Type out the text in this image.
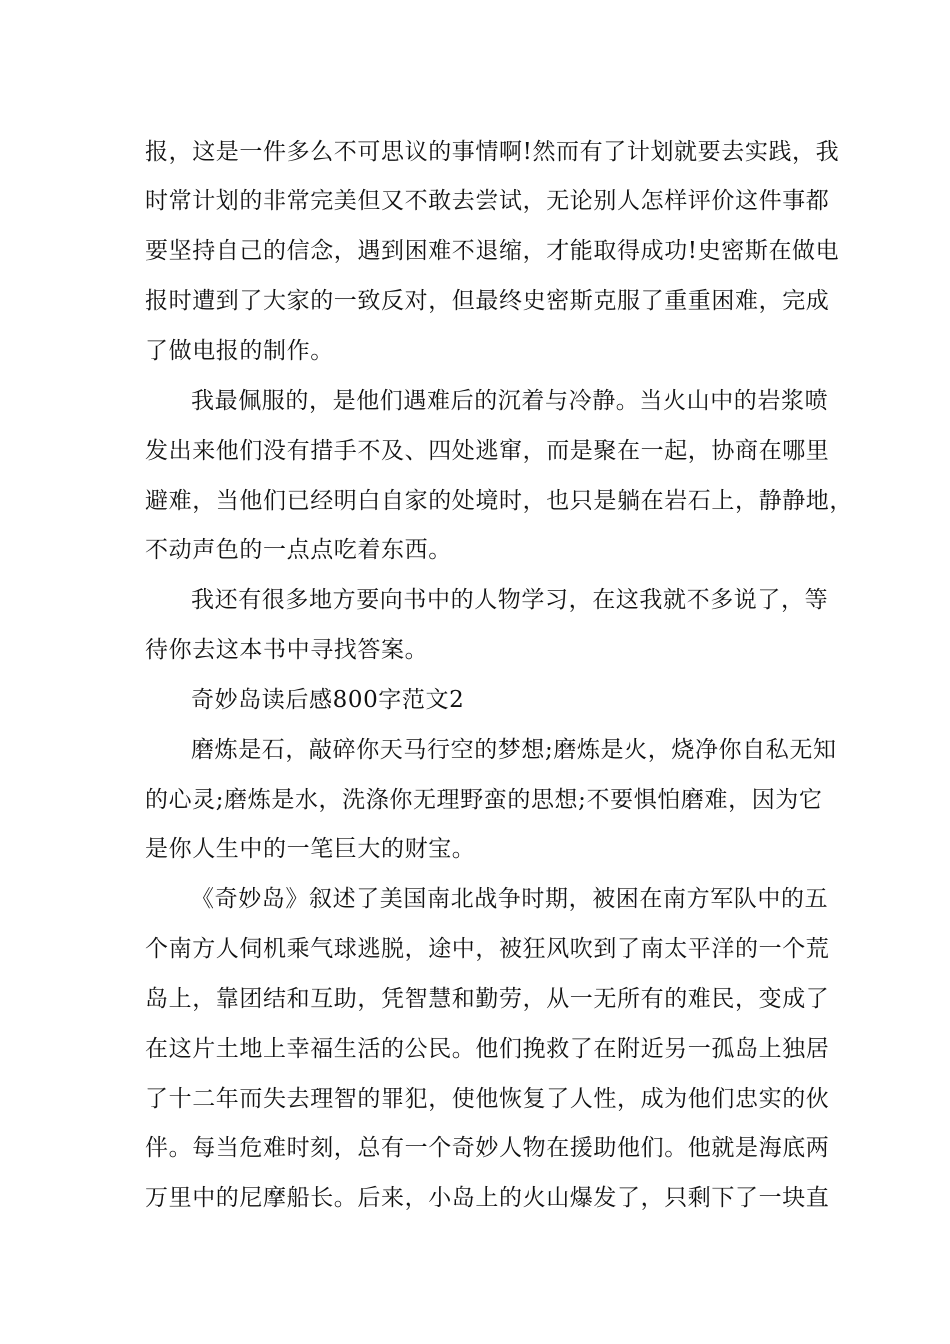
报，这是一件多么不可思议的事情啊!然而有了计划就要去实践，我
时常计划的非常完美但又不敢去尝试，无论别人怎样评价这件事都
要坚持自己的信念，遇到困难不退缩，才能取得成功!史密斯在做电
报时遭到了大家的一致反对，但最终史密斯克服了重重困难，完成
了做电报的制作。
我最佩服的，是他们遇难后的沉着与冷静。当火山中的岩浆喷
发出来他们没有措手不及、四处逃窜，而是聚在一起，协商在哪里
避难，当他们已经明白自家的处境时，也只是躺在岩石上，静静地，
不动声色的一点点吃着东西。
我还有很多地方要向书中的人物学习，在这我就不多说了，等
待你去这本书中寻找答案。
奇妙岛读后感800字范文2
磨炼是石，敲碎你天马行空的梦想;磨炼是火，烧净你自私无知
的心灵;磨炼是水，洗涤你无理野蛮的思想;不要惧怕磨难，因为它
是你人生中的一笔巨大的财宝。
《奇妙岛》叙述了美国南北战争时期，被困在南方军队中的五
个南方人伺机乘气球逃脱，途中，被狂风吹到了南太平洋的一个荒
岛上，靠团结和互助，凭智慧和勤劳，从一无所有的难民，变成了
在这片土地上幸福生活的公民。他们挽救了在附近另一孤岛上独居
了十二年而失去理智的罪犯，使他恢复了人性，成为他们忠实的伙
伴。每当危难时刻，总有一个奇妙人物在援助他们。他就是海底两
万里中的尼摩船长。后来，小岛上的火山爆发了，只剩下了一块直
